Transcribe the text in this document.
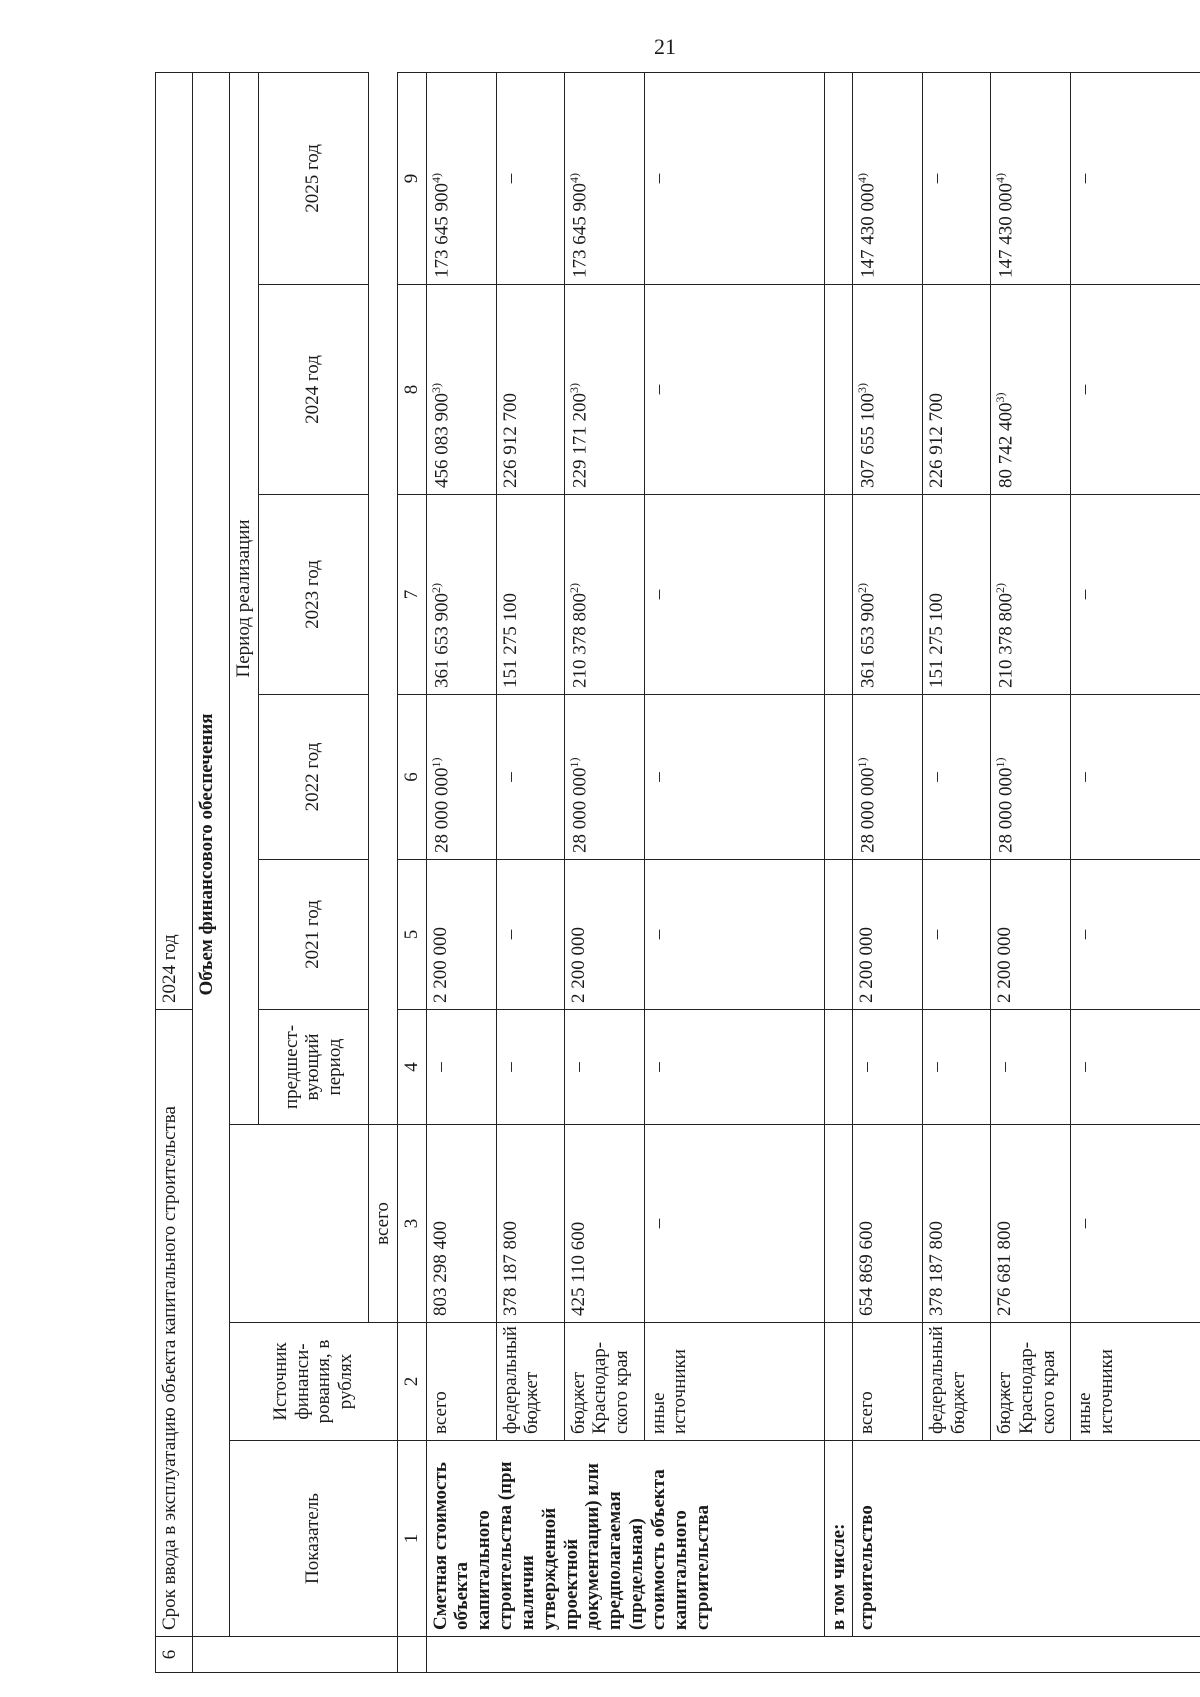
21
6	Срок ввода в эксплуатацию объекта капитального строительства				2024 год				
	Объем финансового обеспечения								
	Показатель	Источник финанси-рования, в рублях		Период реализации					
				предшест-вующий период	2021 год	2022 год	2023 год	2024 год	2025 год
			всего						
	1	2	3	4	5	6	7	8	9
	Сметная стоимость объекта капитального строительства (при наличии утвержденной проектной документации) или предполагаемая (предельная) стоимость объекта капитального строительства	всего	803 298 400	–	2 200 000	28 000 000$^{1)}$	361 653 900$^{2)}$	456 083 900$^{3)}$	173 645 900$^{4)}$
		федеральный бюджет	378 187 800	–	–	–	151 275 100	226 912 700	–
		бюджет Краснодар-ского края	425 110 600	–	2 200 000	28 000 000$^{1)}$	210 378 800$^{2)}$	229 171 200$^{3)}$	173 645 900$^{4)}$
		иные источники	–	–	–	–	–	–	–
	в том числе:								
	строительство	всего	654 869 600	–	2 200 000	28 000 000$^{1)}$	361 653 900$^{2)}$	307 655 100$^{3)}$	147 430 000$^{4)}$
		федеральный бюджет	378 187 800	–	–	–	151 275 100	226 912 700	–
		бюджет Краснодар-ского края	276 681 800	–	2 200 000	28 000 000$^{1)}$	210 378 800$^{2)}$	80 742 400$^{3)}$	147 430 000$^{4)}$
		иные источники	–	–	–	–	–	–	–
